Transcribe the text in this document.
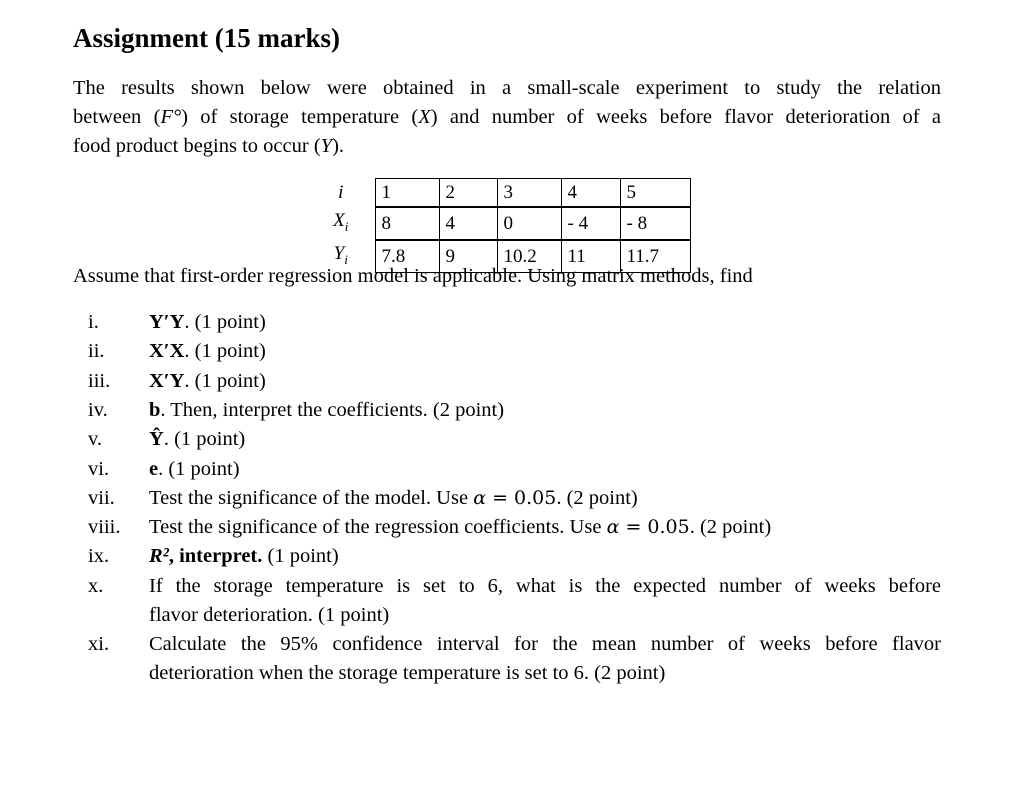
Assignment (15 marks)

The results shown below were obtained in a small-scale experiment to study the relation
between (F°) of storage temperature (X) and number of weeks before flavor deterioration of a
food product begins to occur (Y).

i	1	2	3	4	5
$X_i$	8	4	0	- 4	- 8
$Y_i$	7.8	9	10.2	11	11.7

Assume that first-order regression model is applicable. Using matrix methods, find

i. Y′Y. (1 point)
ii. X′X. (1 point)
iii. X′Y. (1 point)
iv. b. Then, interpret the coefficients. (2 point)
v. Ŷ. (1 point)
vi. e. (1 point)
vii. Test the significance of the model. Use α = 0.05. (2 point)
viii. Test the significance of the regression coefficients. Use α = 0.05. (2 point)
ix. R², interpret. (1 point)
x. If the storage temperature is set to 6, what is the expected number of weeks before
flavor deterioration. (1 point)
xi. Calculate the 95% confidence interval for the mean number of weeks before flavor
deterioration when the storage temperature is set to 6. (2 point)
